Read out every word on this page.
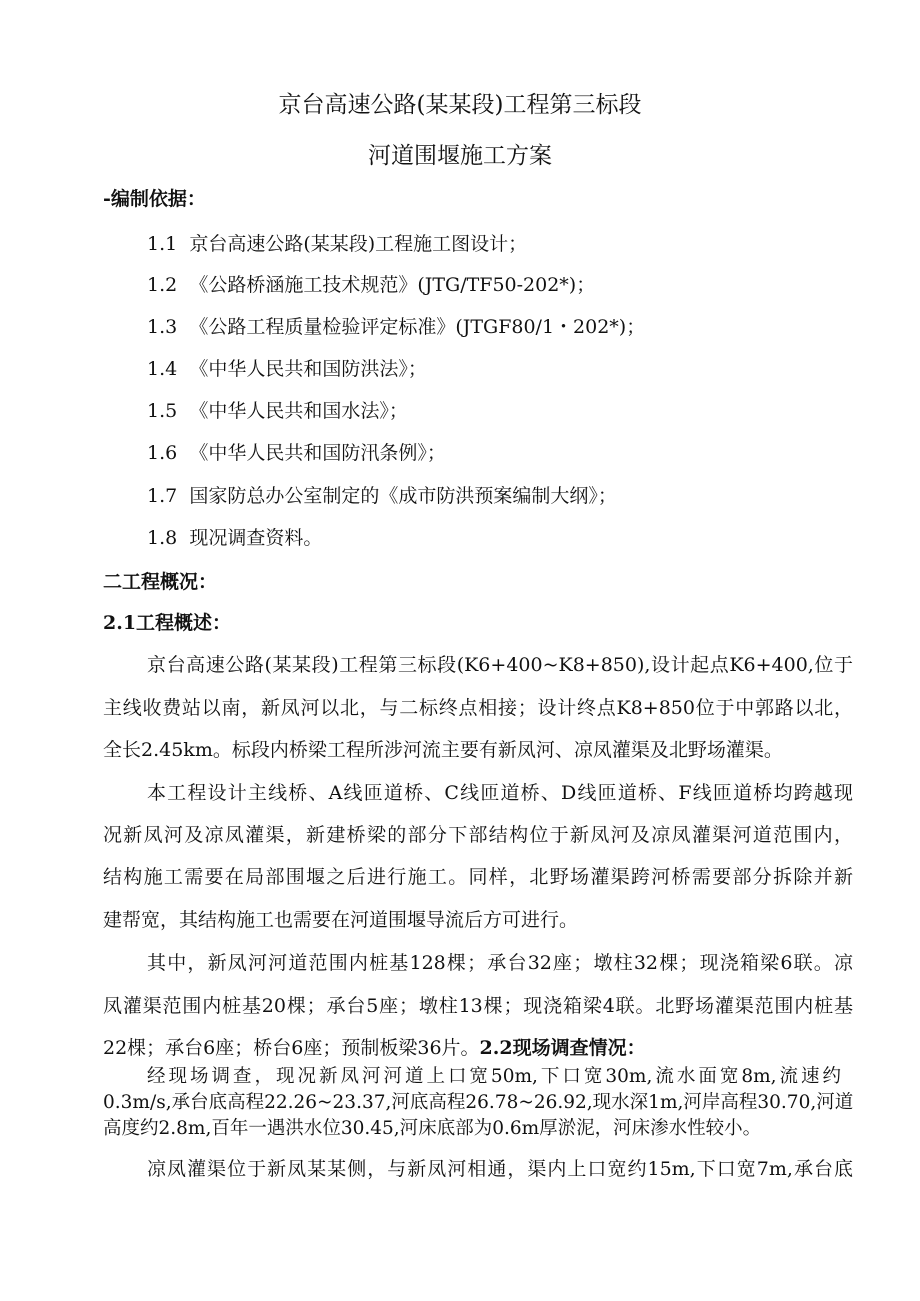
京台高速公路(某某段)工程第三标段
河道围堰施工方案
-编制依据：
1.1 京台高速公路(某某段)工程施工图设计；
1.2 《公路桥涵施工技术规范》(JTG/TF50-202*)；
1.3 《公路工程质量检验评定标准》(JTGF80/1・202*)；
1.4 《中华人民共和国防洪法》；
1.5 《中华人民共和国水法》；
1.6 《中华人民共和国防汛条例》；
1.7 国家防总办公室制定的《成市防洪预案编制大纲》；
1.8 现况调查资料。
二工程概况：
2.1工程概述：
京台高速公路(某某段)工程第三标段(K6+400~K8+850),设计起点K6+400,位于
主线收费站以南，新凤河以北，与二标终点相接；设计终点K8+850位于中郭路以北，
全长2.45km。标段内桥梁工程所涉河流主要有新凤河、凉凤灌渠及北野场灌渠。
本工程设计主线桥、A线匝道桥、C线匝道桥、D线匝道桥、F线匝道桥均跨越现
况新凤河及凉凤灌渠，新建桥梁的部分下部结构位于新凤河及凉凤灌渠河道范围内，
结构施工需要在局部围堰之后进行施工。同样，北野场灌渠跨河桥需要部分拆除并新
建帮宽，其结构施工也需要在河道围堰导流后方可进行。
其中，新凤河河道范围内桩基128棵；承台32座；墩柱32棵；现浇箱梁6联。凉
凤灌渠范围内桩基20棵；承台5座；墩柱13棵；现浇箱梁4联。北野场灌渠范围内桩基
22棵；承台6座；桥台6座；预制板梁36片。2.2现场调查情况：
经现场调查，现况新凤河河道上口宽50m,下口宽30m,流水面宽8m,流速约
0.3m/s,承台底高程22.26~23.37,河底高程26.78~26.92,现水深1m,河岸高程30.70,河道
高度约2.8m,百年一遇洪水位30.45,河床底部为0.6m厚淤泥，河床渗水性较小。
凉凤灌渠位于新凤某某侧，与新凤河相通，渠内上口宽约15m,下口宽7m,承台底
